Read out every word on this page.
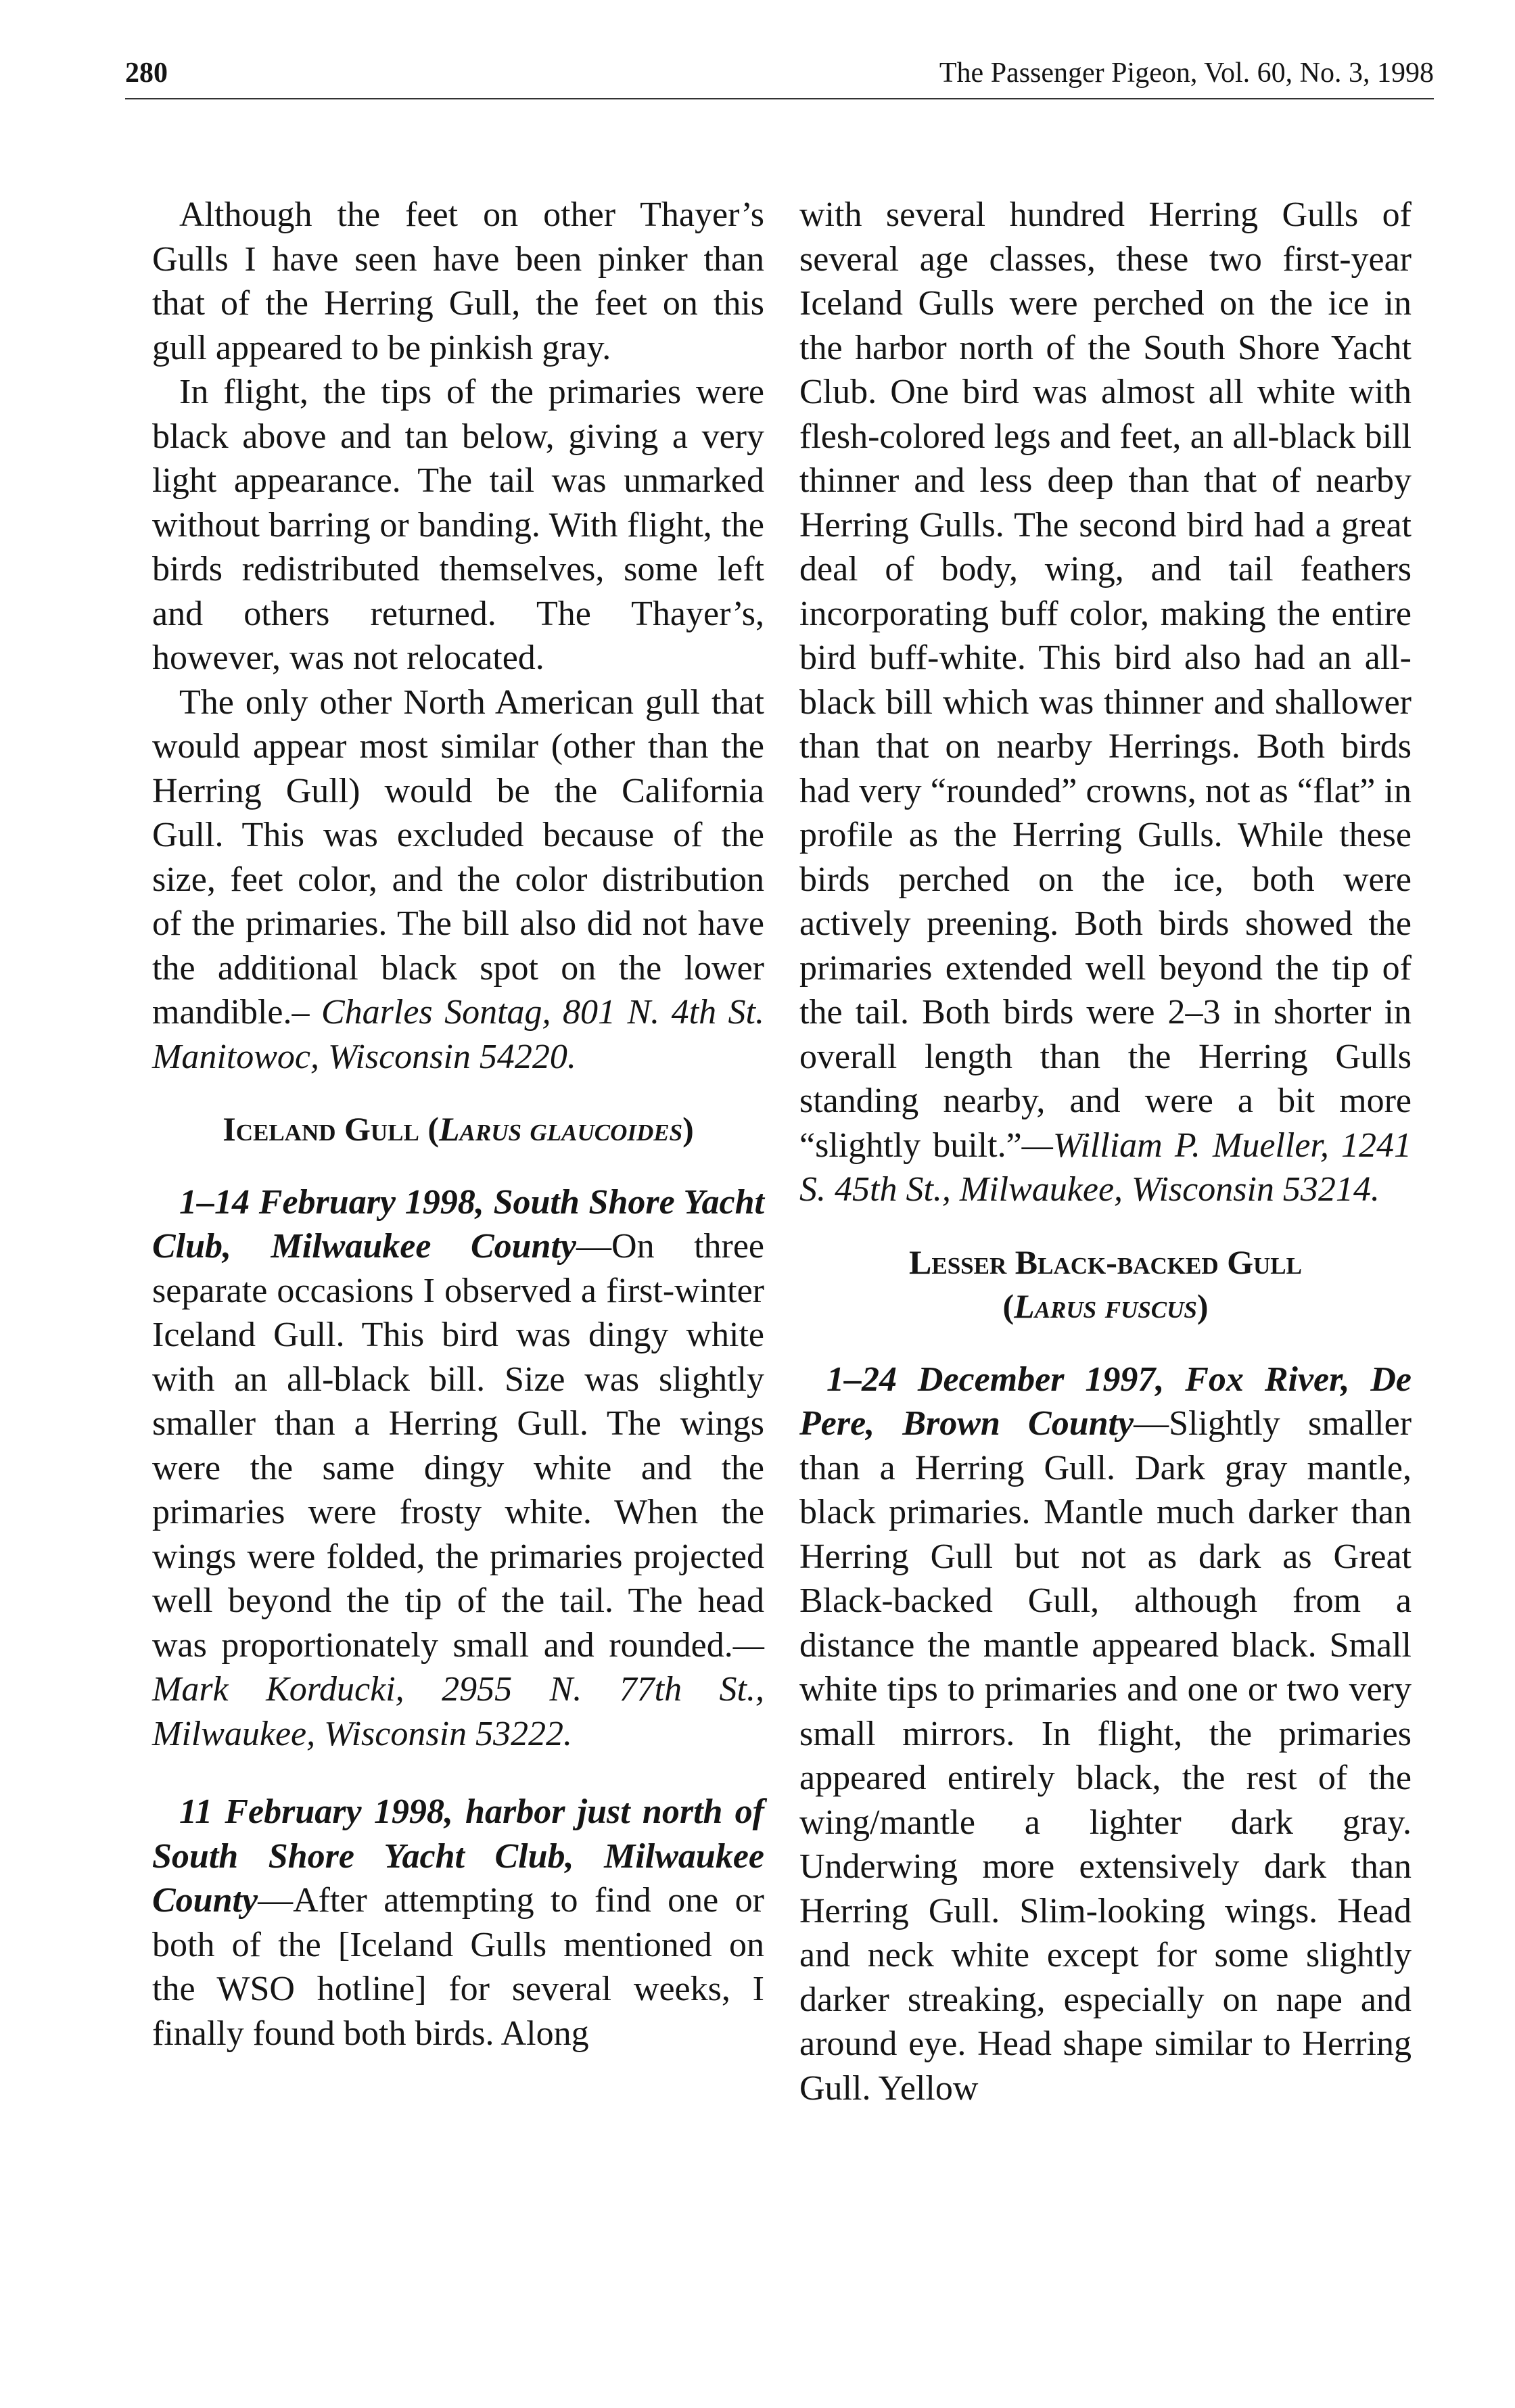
280	The Passenger Pigeon, Vol. 60, No. 3, 1998

Although the feet on other Thayer’s Gulls I have seen have been pinker than that of the Herring Gull, the feet on this gull appeared to be pinkish gray.

In flight, the tips of the primaries were black above and tan below, giving a very light appearance. The tail was unmarked without barring or banding. With flight, the birds redistributed themselves, some left and others returned. The Thayer’s, however, was not relocated.

The only other North American gull that would appear most similar (other than the Herring Gull) would be the California Gull. This was excluded because of the size, feet color, and the color distribution of the primaries. The bill also did not have the additional black spot on the lower mandible.– Charles Sontag, 801 N. 4th St. Manitowoc, Wisconsin 54220.

Iceland Gull (Larus glaucoides)

1–14 February 1998, South Shore Yacht Club, Milwaukee County—On three separate occasions I observed a first-winter Iceland Gull. This bird was dingy white with an all-black bill. Size was slightly smaller than a Herring Gull. The wings were the same dingy white and the primaries were frosty white. When the wings were folded, the primaries projected well beyond the tip of the tail. The head was proportionately small and rounded.—Mark Korducki, 2955 N. 77th St., Milwaukee, Wisconsin 53222.

11 February 1998, harbor just north of South Shore Yacht Club, Milwaukee County—After attempting to find one or both of the [Iceland Gulls mentioned on the WSO hotline] for several weeks, I finally found both birds. Along

with several hundred Herring Gulls of several age classes, these two first-year Iceland Gulls were perched on the ice in the harbor north of the South Shore Yacht Club. One bird was almost all white with flesh-colored legs and feet, an all-black bill thinner and less deep than that of nearby Herring Gulls. The second bird had a great deal of body, wing, and tail feathers incorporating buff color, making the entire bird buff-white. This bird also had an all-black bill which was thinner and shallower than that on nearby Herrings. Both birds had very “rounded” crowns, not as “flat” in profile as the Herring Gulls. While these birds perched on the ice, both were actively preening. Both birds showed the primaries extended well beyond the tip of the tail. Both birds were 2–3 in shorter in overall length than the Herring Gulls standing nearby, and were a bit more “slightly built.”—William P. Mueller, 1241 S. 45th St., Milwaukee, Wisconsin 53214.

Lesser Black-backed Gull
(Larus fuscus)

1–24 December 1997, Fox River, De Pere, Brown County—Slightly smaller than a Herring Gull. Dark gray mantle, black primaries. Mantle much darker than Herring Gull but not as dark as Great Black-backed Gull, although from a distance the mantle appeared black. Small white tips to primaries and one or two very small mirrors. In flight, the primaries appeared entirely black, the rest of the wing/mantle a lighter dark gray. Underwing more extensively dark than Herring Gull. Slim-looking wings. Head and neck white except for some slightly darker streaking, especially on nape and around eye. Head shape similar to Herring Gull. Yellow
